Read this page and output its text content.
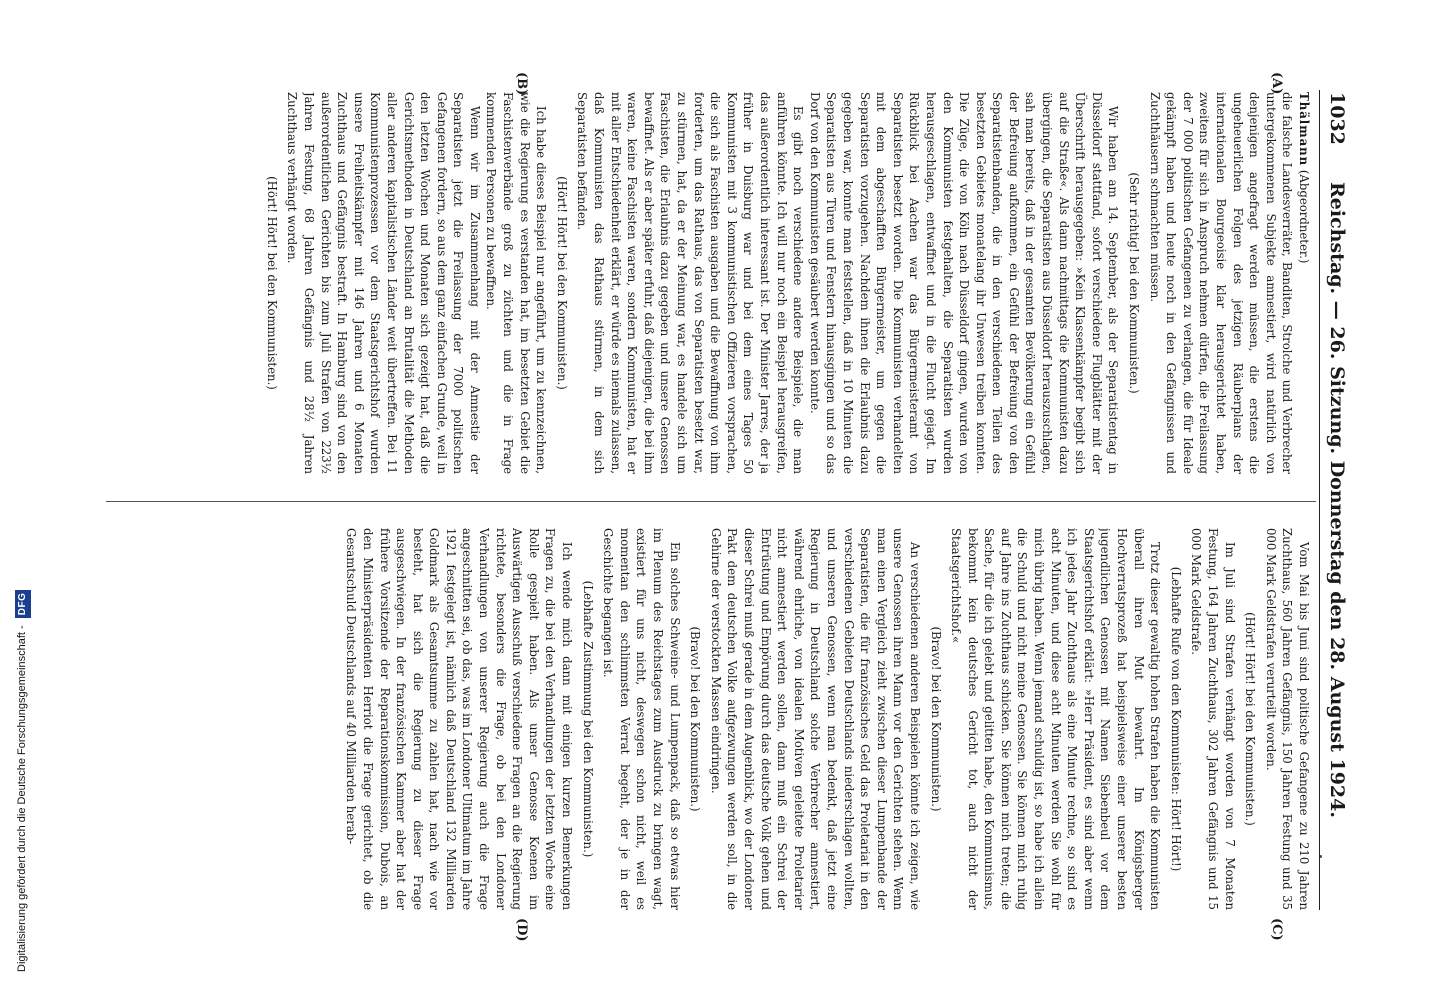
Reichstag. — 26. Sitzung. Donnerstag den 28. August 1924.
1032
(A)
(B)
(C)
(D)

Thälmann (Abgeordneter.)

die falsche Landesverräter, Banditen, Strolche und Verbrecher untergekommenen Subjekte amnestiert, wird natürlich von denjenigen angefragt werden müssen, die erstens die ungeheuerlichen Folgen des jetzigen Räuberplans der internationalen Bourgeoisie klar herausgerichtet haben, zweitens für sich in Anspruch nehmen dürfen, die Freilassung der 7 000 politischen Gefangenen zu verlangen, die für Ideale gekämpft haben und heute noch in den Gefängnissen und Zuchthäusern schmachten müssen.

(Sehr richtig! bei den Kommunisten.)

Wir haben am 14. September, als der Separatistentag in Düsseldorf stattfand, sofort verschiedene Flugblätter mit der Überschrift herausgegeben: »Kein Klassenkämpfer begibt sich auf die Straße«. Als dann nachmittags die Kommunisten dazu übergingen, die Separatisten aus Düsseldorf herauszuschlagen, sah man bereits, daß in der gesamten Bevölkerung ein Gefühl der Befreiung aufkommen, ein Gefühl der Befreiung von den Separatistenbanden, die in den verschiedenen Teilen des besetzten Gebietes monatelang ihr Unwesen treiben konnten. Die Züge, die von Köln nach Düsseldorf gingen, wurden von den Kommunisten festgehalten, die Separatisten wurden herausgeschlagen, entwaffnet und in die Flucht gejagt. Im Rückblick bei Aachen war das Bürgermeisteramt von Separatisten besetzt worden. Die Kommunisten verhandelten mit dem abgeschafften Bürgermeister, um gegen die Separatisten vorzugehen. Nachdem ihnen die Erlaubnis dazu gegeben war, konnte man feststellen, daß in 10 Minuten die Separatisten aus Türen und Fenstern hinausgingen und so das Dorf von den Kommunisten gesäubert werden konnte.

Es gibt noch verschiedene andere Beispiele, die man anführen könnte. Ich will nur noch ein Beispiel herausgreifen, das außerordentlich interessant ist. Der Minister Jarres, der ja früher in Duisburg war und bei dem eines Tages 50 Kommunisten mit 3 kommunistischen Offizieren vorsprachen, die sich als Faschisten ausgaben und die Bewaffnung von ihm forderten, um das Rathaus, das von Separatisten besetzt war, zu stürmen, hat, da er der Meinung war, es handele sich um Faschisten, die Erlaubnis dazu gegeben und unsere Genossen bewaffnet. Als er aber später erfuhr, daß diejenigen, die bei ihm waren, keine Faschisten waren, sondern Kommunisten, hat er mit aller Entschiedenheit erklärt, er würde es niemals zulassen, daß Kommunisten das Rathaus stürmen, in dem sich Separatisten befänden.

(Hört! Hört! bei den Kommunisten.)

Ich habe dieses Beispiel nur angeführt, um zu kennzeichnen, wie die Regierung es verstanden hat, im besetzten Gebiet die Faschistenverbände groß zu züchten und die in Frage kommenden Personen zu bewaffnen.

Wenn wir im Zusammenhang mit der Amnestie der Separatisten jetzt die Freilassung der 7000 politischen Gefangenen fordern, so aus dem ganz einfachen Grunde, weil in den letzten Wochen und Monaten sich gezeigt hat, daß die Gerichtsmethoden in Deutschland an Brutalität die Methoden aller anderen kapitalistischen Länder weit übertreffen. Bei 11 Kommunistenprozessen vor dem Staatsgerichtshof wurden unsere Freiheitskämpfer mit 146 Jahren und 6 Monaten Zuchthaus und Gefängnis bestraft. In Hamburg sind von den außerordentlichen Gerichten bis zum Juli Strafen von 223½ Jahren Festung, 68 Jahren Gefängnis und 28½ Jahren Zuchthaus verhängt worden.

(Hört! Hört! bei den Kommunisten.)

Vom Mai bis Juni sind politische Gefangene zu 210 Jahren Zuchthaus, 560 Jahren Gefängnis, 150 Jahren Festung und 35 000 Mark Geldstrafen verurteilt worden.

(Hört! Hört! bei den Kommunisten.)

Im Juli sind Strafen verhängt worden von 7 Monaten Festung, 164 Jahren Zuchthaus, 302 Jahren Gefängnis und 15 000 Mark Geldstrafe.

(Lebhafte Rufe von den Kommunisten: Hört! Hört!)

Trotz dieser gewaltig hohen Strafen haben die Kommunisten überall ihren Mut bewahrt. Im Königsberger Hochverratsprozeß hat beispielsweise einer unserer besten jugendlichen Genossen mit Namen Siebenbeul vor dem Staatsgerichtshof erklärt: »Herr Präsident, es sind aber wenn ich jedes Jahr Zuchthaus als eine Minute rechne, so sind es acht Minuten, und diese acht Minuten werden Sie wohl für mich übrig haben. Wenn jemand schuldig ist, so habe ich allein die Schuld und nicht meine Genossen. Sie können mich ruhig auf Jahre ins Zuchthaus schicken. Sie können mich treten; die Sache, für die ich gelebt und gelitten habe, den Kommunismus, bekommt kein deutsches Gericht tot, auch nicht der Staatsgerichtshof.«

(Bravo! bei den Kommunisten.)

An verschiedenen anderen Beispielen könnte ich zeigen, wie unsere Genossen ihren Mann vor den Gerichten stehen. Wenn man einen Vergleich zieht zwischen dieser Lumpenbande der Separatisten, die für französisches Geld das Proletariat in den verschiedenen Gebieten Deutschlands niederschlagen wollten, und unseren Genossen, wenn man bedenkt, daß jetzt eine Regierung in Deutschland solche Verbrecher amnestiert, während ehrliche, von idealen Motiven geleitete Proletarier nicht amnestiert werden sollen, dann muß ein Schrei der Entrüstung und Empörung durch das deutsche Volk gehen und dieser Schrei muß gerade in dem Augenblick, wo der Londoner Pakt dem deutschen Volke aufgezwungen werden soll, in die Gehirne der verstockten Massen eindringen.

(Bravo! bei den Kommunisten.)

Ein solches Schweine- und Lumpenpack, daß so etwas hier im Plenum des Reichstages zum Ausdruck zu bringen wagt, existiert für uns nicht, deswegen schon nicht, weil es momentan den schlimmsten Verrat begeht, der je in der Geschichte begangen ist.

(Lebhafte Zustimmung bei den Kommunisten.)

Ich wende mich dann mit einigen kurzen Bemerkungen Fragen zu, die bei den Verhandlungen der letzten Woche eine Rolle gespielt haben. Als unser Genosse Koenen im Auswärtigen Ausschuß verschiedene Fragen an die Regierung richtete, besonders die Frage, ob bei den Londoner Verhandlungen von unserer Regierung auch die Frage angeschnitten sei, ob das, was im Londoner Ultimatum im Jahre 1921 festgelegt ist, nämlich daß Deutschland 132 Milliarden Goldmark als Gesamtsumme zu zahlen hat, nach wie vor besteht, hat sich die Regierung zu dieser Frage ausgeschwiegen. In der französischen Kammer aber hat der frühere Vorsitzende der Reparationskommission, Dubois, an den Ministerpräsidenten Herriot die Frage gerichtet, ob die Gesamtschuld Deutschlands auf 40 Milliarden herab-

Digitalisierung gefördert durch die Deutsche Forschungsgemeinschaft - DFG
